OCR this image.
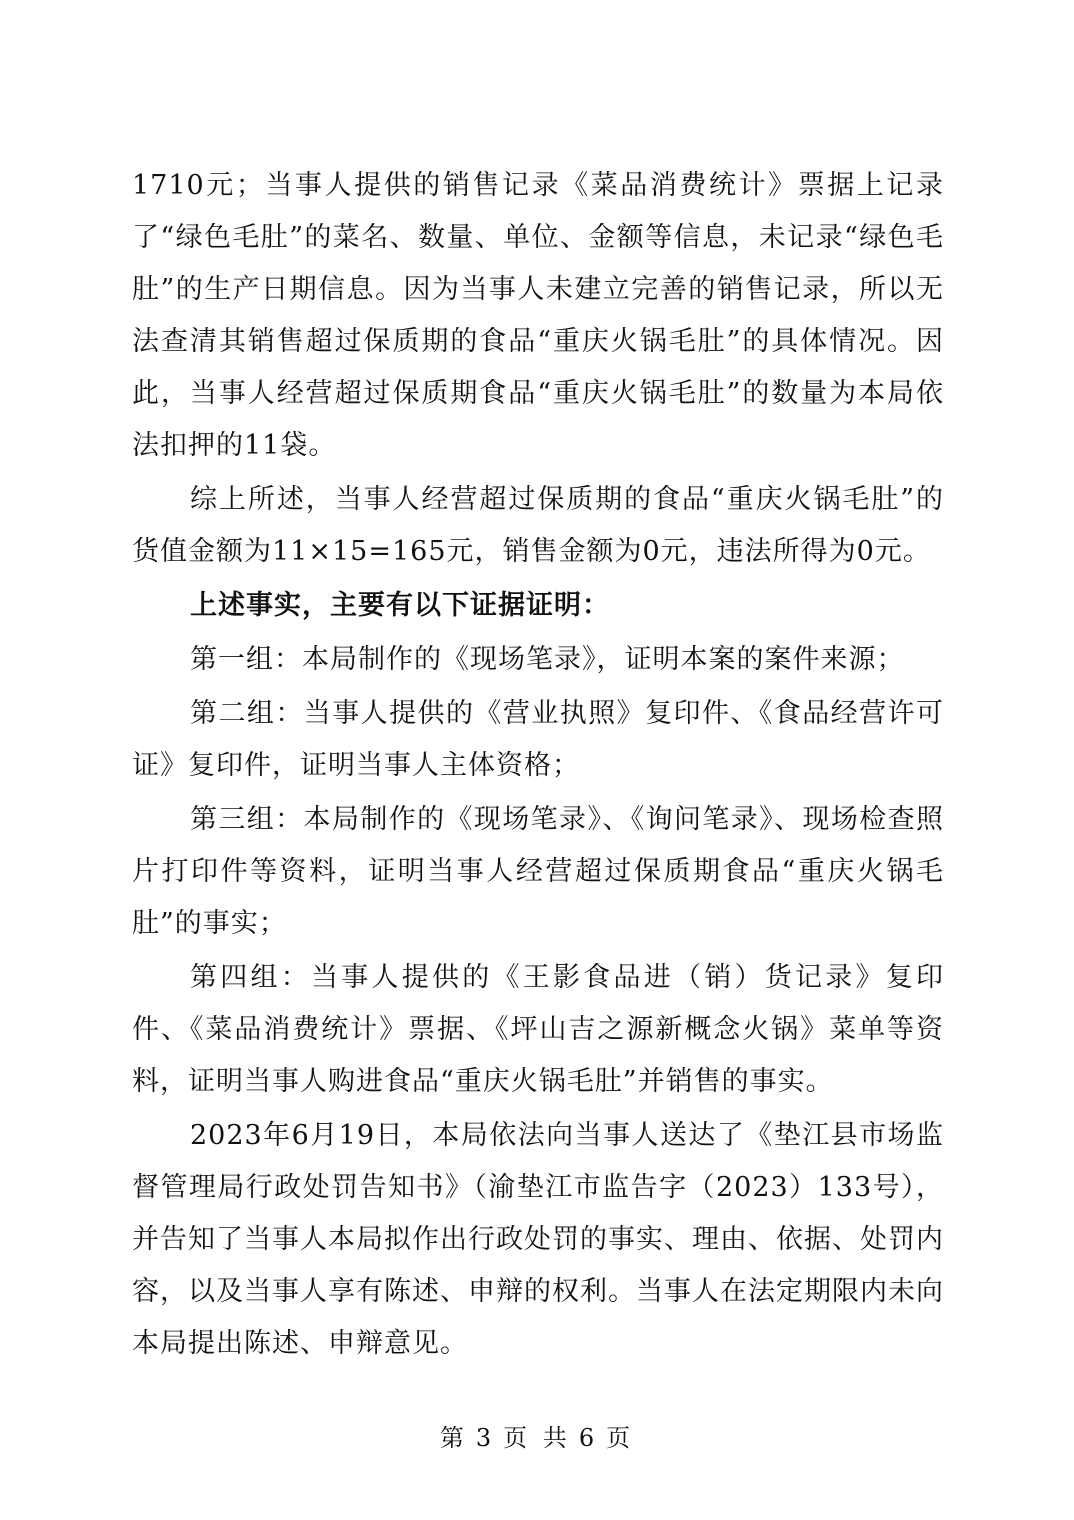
1710元；当事人提供的销售记录《菜品消费统计》票据上记录了“绿色毛肚”的菜名、数量、单位、金额等信息，未记录“绿色毛肚”的生产日期信息。因为当事人未建立完善的销售记录，所以无法查清其销售超过保质期的食品“重庆火锅毛肚”的具体情况。因此，当事人经营超过保质期食品“重庆火锅毛肚”的数量为本局依法扣押的11袋。

综上所述，当事人经营超过保质期的食品“重庆火锅毛肚”的货值金额为11×15=165元，销售金额为0元，违法所得为0元。

上述事实，主要有以下证据证明：

第一组：本局制作的《现场笔录》，证明本案的案件来源；

第二组：当事人提供的《营业执照》复印件、《食品经营许可证》复印件，证明当事人主体资格；

第三组：本局制作的《现场笔录》、《询问笔录》、现场检查照片打印件等资料，证明当事人经营超过保质期食品“重庆火锅毛肚”的事实；

第四组：当事人提供的《王影食品进（销）货记录》复印件、《菜品消费统计》票据、《坪山吉之源新概念火锅》菜单等资料，证明当事人购进食品“重庆火锅毛肚”并销售的事实。

2023年6月19日，本局依法向当事人送达了《垫江县市场监督管理局行政处罚告知书》（渝垫江市监告字（2023）133号），并告知了当事人本局拟作出行政处罚的事实、理由、依据、处罚内容，以及当事人享有陈述、申辩的权利。当事人在法定期限内未向本局提出陈述、申辩意见。

第 3 页 共 6 页
